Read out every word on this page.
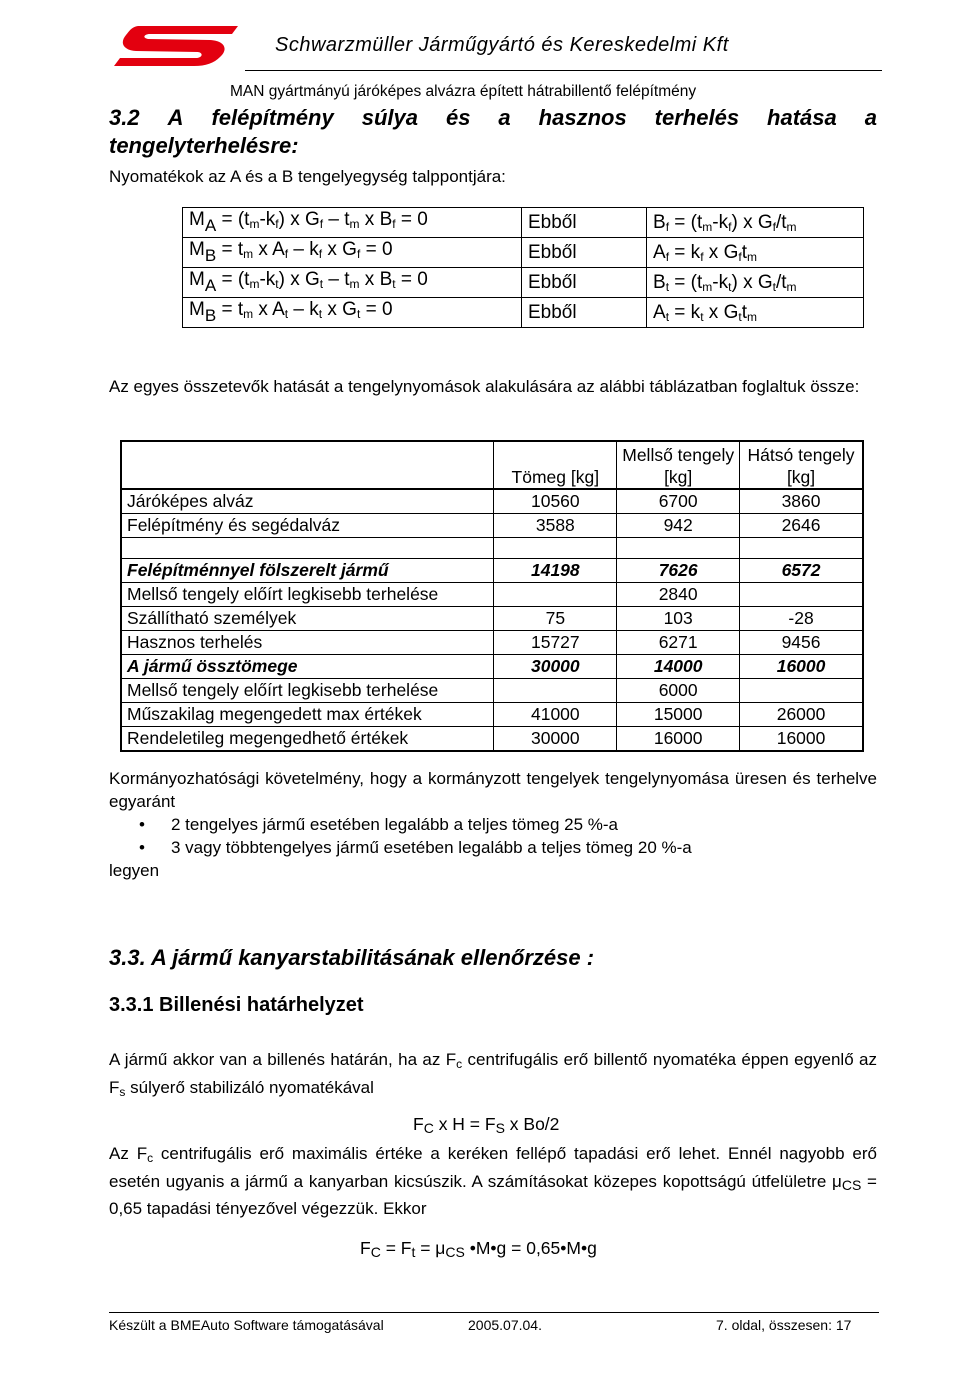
Schwarzmüller Járműgyártó és Kereskedelmi Kft
MAN gyártmányú járóképes alvázra épített hátrabillentő felépítmény
3.2 A felépítmény súlya és a hasznos terhelés hatása a
tengelyterhelésre:
Nyomatékok az A és a B tengelyegység talppontjára:
$M_A = (t_m-k_f)$ x $G_f - t_m$ x $B_f = 0$	Ebből	$B_f = (t_m-k_f)$ x $G_f/t_m$
$M_B = t_m$ x $A_f - k_f$ x $G_f = 0$	Ebből	$A_f = k_f$ x $G_ft_m$
$M_A = (t_m-k_t)$ x $G_t - t_m$ x $B_t = 0$	Ebből	$B_t = (t_m-k_t)$ x $G_t/t_m$
$M_B = t_m$ x $A_t - k_t$ x $G_t = 0$	Ebből	$A_t = k_t$ x $G_tt_m$
Az egyes összetevők hatását a tengelynyomások alakulására az alábbi táblázatban foglaltuk össze:
	Tömeg [kg]	Mellső tengely [kg]	Hátsó tengely [kg]
Járóképes alváz	10560	6700	3860
Felépítmény és segédalváz	3588	942	2646

Felépítménnyel fölszerelt jármű	14198	7626	6572
Mellső tengely előírt legkisebb terhelése		2840	
Szállítható személyek	75	103	-28
Hasznos terhelés	15727	6271	9456
A jármű össztömege	30000	14000	16000
Mellső tengely előírt legkisebb terhelése		6000	
Műszakilag megengedett max értékek	41000	15000	26000
Rendeletileg megengedhető értékek	30000	16000	16000
Kormányozhatósági követelmény, hogy a kormányzott tengelyek tengelynyomása üresen és terhelve egyaránt
• 2 tengelyes jármű esetében legalább a teljes tömeg 25 %-a
• 3 vagy többtengelyes jármű esetében legalább a teljes tömeg 20 %-a
legyen
3.3. A jármű kanyarstabilitásának ellenőrzése :
3.3.1 Billenési határhelyzet
A jármű akkor van a billenés határán, ha az $F_c$ centrifugális erő billentő nyomatéka éppen egyenlő az $F_s$ súlyerő stabilizáló nyomatékával
$F_C$ x $H = F_S$ x Bo/2
Az $F_c$ centrifugális erő maximális értéke a keréken fellépő tapadási erő lehet. Ennél nagyobb erő esetén ugyanis a jármű a kanyarban kicsúszik. A számításokat közepes kopottságú útfelületre $\mu_{CS} = 0,65$ tapadási tényezővel végezzük. Ekkor
$F_C = F_t = \mu_{CS}$ •M•g = 0,65•M•g
Készült a BMEAuto Software támogatásával	2005.07.04.	7. oldal, összesen: 17
